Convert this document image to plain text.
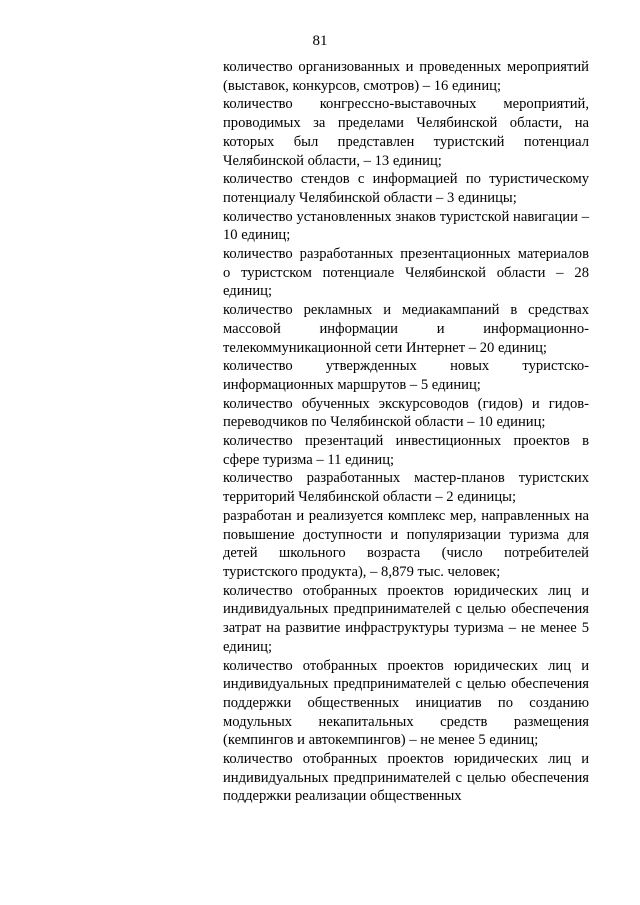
81

количество организованных и проведенных мероприятий (выставок, конкурсов, смотров) – 16 единиц;

количество конгрессно-выставочных мероприятий, проводимых за пределами Челябинской области, на которых был представлен туристский потенциал Челябинской области, – 13 единиц;

количество стендов с информацией по туристическому потенциалу Челябинской области – 3 единицы;

количество установленных знаков туристской навигации – 10 единиц;

количество разработанных презентационных материалов о туристском потенциале Челябинской области – 28 единиц;

количество рекламных и медиакампаний в средствах массовой информации и информационно-телекоммуникационной сети Интернет – 20 единиц;

количество утвержденных новых туристско-информационных маршрутов – 5 единиц;

количество обученных экскурсоводов (гидов) и гидов-переводчиков по Челябинской области – 10 единиц;

количество презентаций инвестиционных проектов в сфере туризма – 11 единиц;

количество разработанных мастер-планов туристских территорий Челябинской области – 2 единицы;

разработан и реализуется комплекс мер, направленных на повышение доступности и популяризации туризма для детей школьного возраста (число потребителей туристского продукта), – 8,879 тыс. человек;

количество отобранных проектов юридических лиц и индивидуальных предпринимателей с целью обеспечения затрат на развитие инфраструктуры туризма – не менее 5 единиц;

количество отобранных проектов юридических лиц и индивидуальных предпринимателей с целью обеспечения поддержки общественных инициатив по созданию модульных некапитальных средств размещения (кемпингов и автокемпингов) – не менее 5 единиц;

количество отобранных проектов юридических лиц и индивидуальных предпринимателей с целью обеспечения поддержки реализации общественных
